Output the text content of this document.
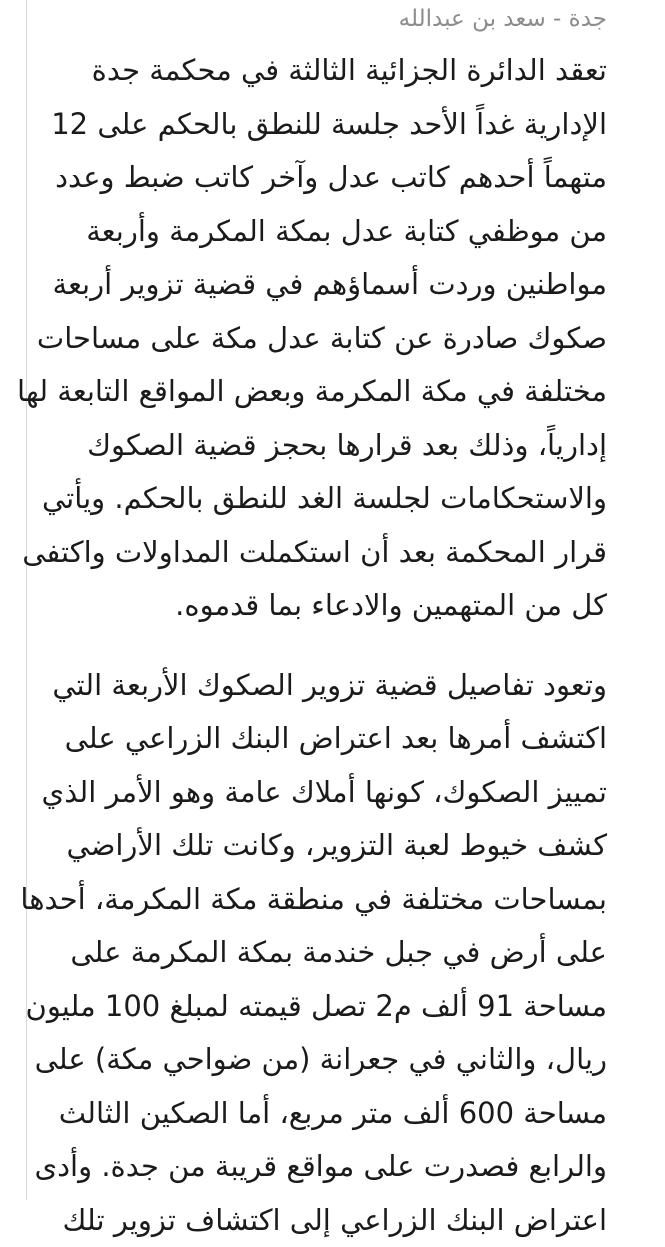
جدة - سعد بن عبدالله

تعقد الدائرة الجزائية الثالثة في محكمة جدة
الإدارية غداً الأحد جلسة للنطق بالحكم على 12
متهماً أحدهم كاتب عدل وآخر كاتب ضبط وعدد
من موظفي كتابة عدل بمكة المكرمة وأربعة
مواطنين وردت أسماؤهم في قضية تزوير أربعة
صكوك صادرة عن كتابة عدل مكة على مساحات
مختلفة في مكة المكرمة وبعض المواقع التابعة لها
إدارياً، وذلك بعد قرارها بحجز قضية الصكوك
والاستحكامات لجلسة الغد للنطق بالحكم. ويأتي
قرار المحكمة بعد أن استكملت المداولات واكتفى
كل من المتهمين والادعاء بما قدموه.

وتعود تفاصيل قضية تزوير الصكوك الأربعة التي
اكتشف أمرها بعد اعتراض البنك الزراعي على
تمييز الصكوك، كونها أملاك عامة وهو الأمر الذي
كشف خيوط لعبة التزوير، وكانت تلك الأراضي
بمساحات مختلفة في منطقة مكة المكرمة، أحدها
على أرض في جبل خندمة بمكة المكرمة على
مساحة 91 ألف م2 تصل قيمته لمبلغ 100 مليون
ريال، والثاني في جعرانة (من ضواحي مكة) على
مساحة 600 ألف متر مربع، أما الصكين الثالث
والرابع فصدرت على مواقع قريبة من جدة. وأدى
اعتراض البنك الزراعي إلى اكتشاف تزوير تلك
